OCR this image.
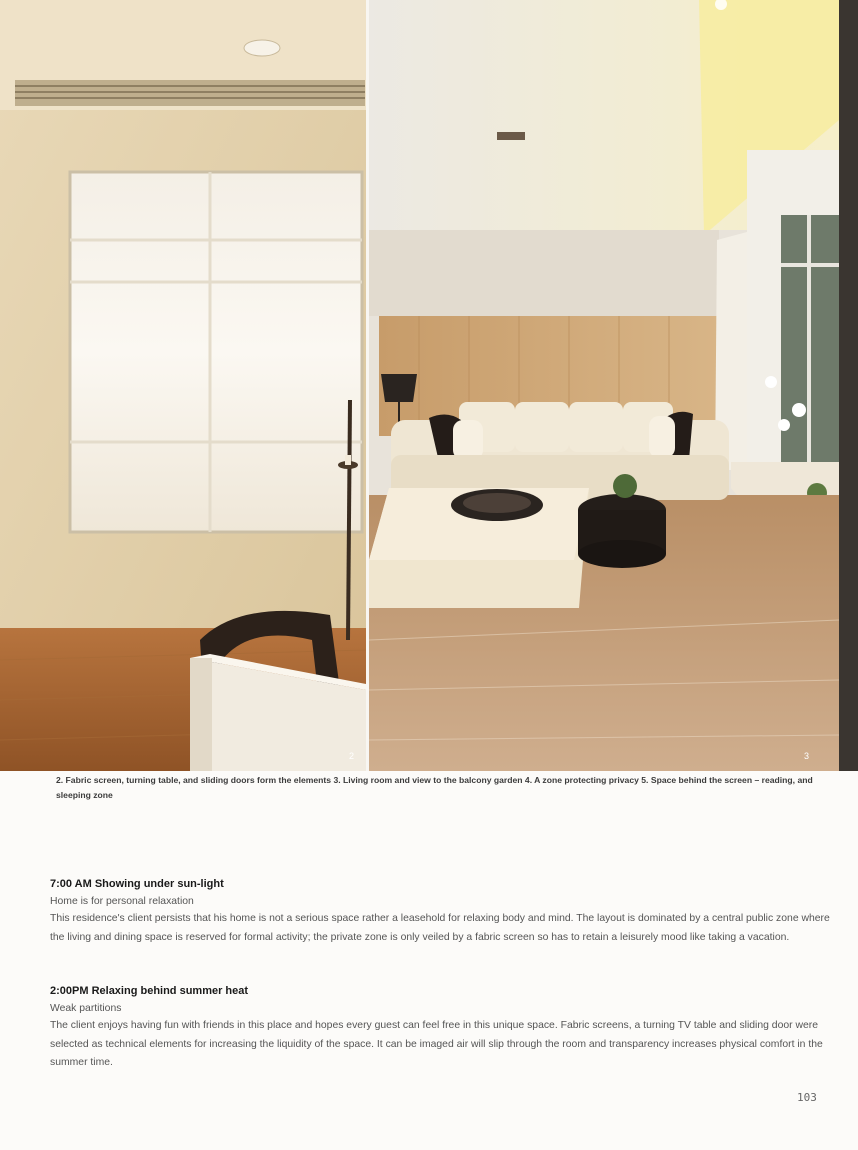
2	3

2. Fabric screen, turning table, and sliding doors form the elements 3. Living room and view to the balcony garden 4. A zone protecting privacy 5. Space behind the screen – reading, and sleeping zone

7:00 AM Showing under sun-light

Home is for personal relaxation

This residence's client persists that his home is not a serious space rather a leasehold for relaxing body and mind. The layout is dominated by a central public zone where the living and dining space is reserved for formal activity; the private zone is only veiled by a fabric screen so has to retain a leisurely mood like taking a vacation.

2:00PM Relaxing behind summer heat

Weak partitions

The client enjoys having fun with friends in this place and hopes every guest can feel free in this unique space. Fabric screens, a turning TV table and sliding door were selected as technical elements for increasing the liquidity of the space. It can be imaged air will slip through the room and transparency increases physical comfort in the summer time.

103
